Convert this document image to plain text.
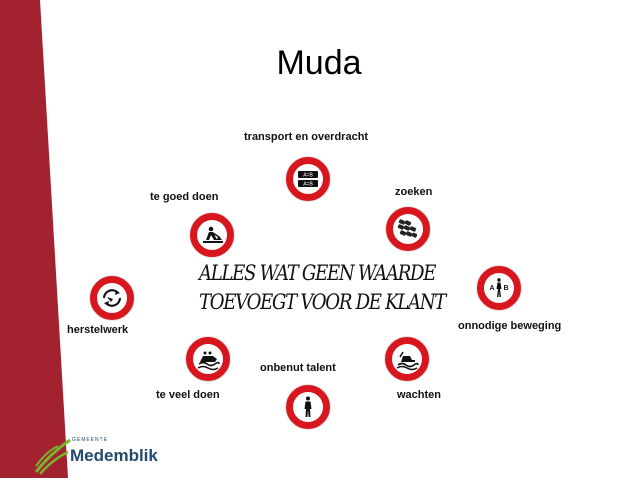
Muda
transport en overdracht
zoeken
te goed doen
onnodige beweging
herstelwerk
onbenut talent
te veel doen	wachten
A=B
A=B
A B
ALLES WAT GEEN WAARDE
TOEVOEGT VOOR DE KLANT
GEMEENTE
Medemblik
